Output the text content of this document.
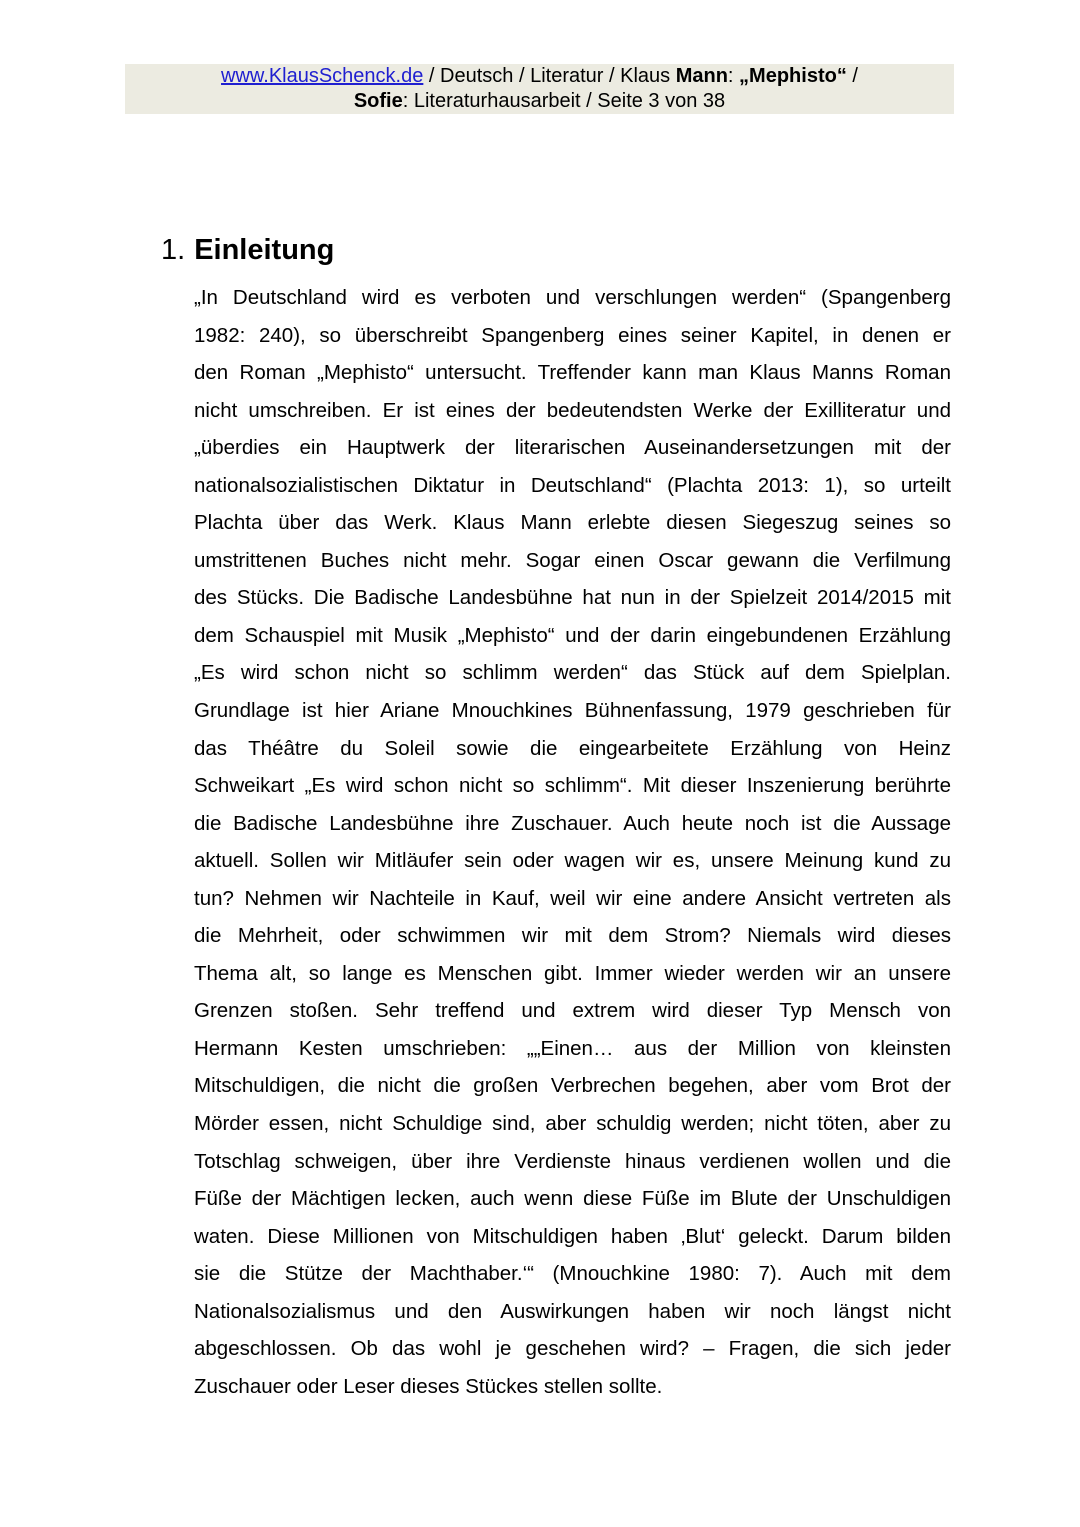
www.KlausSchenck.de / Deutsch / Literatur / Klaus Mann: „Mephisto“ /
Sofie: Literaturhausarbeit / Seite 3 von 38
1. Einleitung
„In Deutschland wird es verboten und verschlungen werden“ (Spangenberg
1982: 240), so überschreibt Spangenberg eines seiner Kapitel, in denen er
den Roman „Mephisto“ untersucht. Treffender kann man Klaus Manns Roman
nicht umschreiben. Er ist eines der bedeutendsten Werke der Exilliteratur und
„überdies ein Hauptwerk der literarischen Auseinandersetzungen mit der
nationalsozialistischen Diktatur in Deutschland“ (Plachta 2013: 1), so urteilt
Plachta über das Werk. Klaus Mann erlebte diesen Siegeszug seines so
umstrittenen Buches nicht mehr. Sogar einen Oscar gewann die Verfilmung
des Stücks. Die Badische Landesbühne hat nun in der Spielzeit 2014/2015 mit
dem Schauspiel mit Musik „Mephisto“ und der darin eingebundenen Erzählung
„Es wird schon nicht so schlimm werden“ das Stück auf dem Spielplan.
Grundlage ist hier Ariane Mnouchkines Bühnenfassung, 1979 geschrieben für
das Théâtre du Soleil sowie die eingearbeitete Erzählung von Heinz
Schweikart „Es wird schon nicht so schlimm“. Mit dieser Inszenierung berührte
die Badische Landesbühne ihre Zuschauer. Auch heute noch ist die Aussage
aktuell. Sollen wir Mitläufer sein oder wagen wir es, unsere Meinung kund zu
tun? Nehmen wir Nachteile in Kauf, weil wir eine andere Ansicht vertreten als
die Mehrheit, oder schwimmen wir mit dem Strom? Niemals wird dieses
Thema alt, so lange es Menschen gibt. Immer wieder werden wir an unsere
Grenzen stoßen. Sehr treffend und extrem wird dieser Typ Mensch von
Hermann Kesten umschrieben: „„Einen… aus der Million von kleinsten
Mitschuldigen, die nicht die großen Verbrechen begehen, aber vom Brot der
Mörder essen, nicht Schuldige sind, aber schuldig werden; nicht töten, aber zu
Totschlag schweigen, über ihre Verdienste hinaus verdienen wollen und die
Füße der Mächtigen lecken, auch wenn diese Füße im Blute der Unschuldigen
waten. Diese Millionen von Mitschuldigen haben ‚Blut‘ geleckt. Darum bilden
sie die Stütze der Machthaber.‘“ (Mnouchkine 1980: 7). Auch mit dem
Nationalsozialismus und den Auswirkungen haben wir noch längst nicht
abgeschlossen. Ob das wohl je geschehen wird? – Fragen, die sich jeder
Zuschauer oder Leser dieses Stückes stellen sollte.
